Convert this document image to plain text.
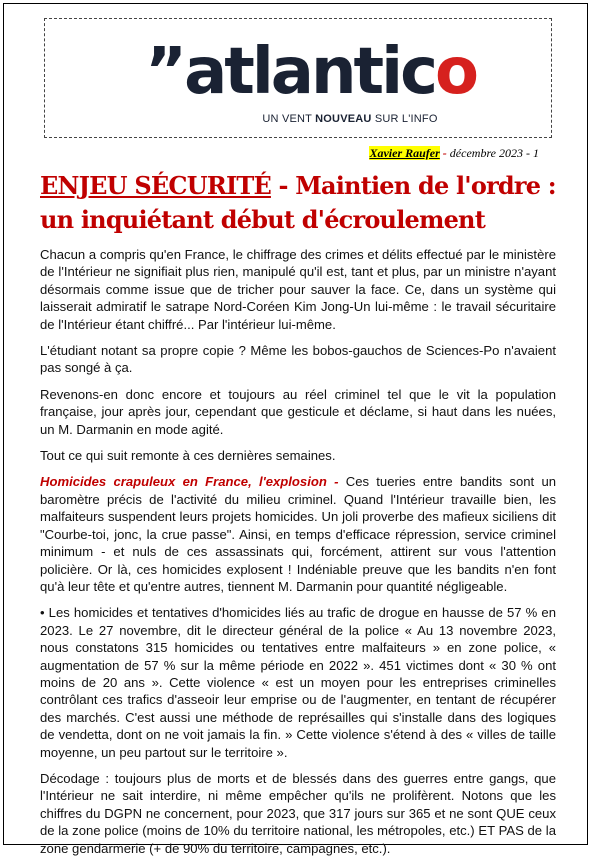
”atlantico
UN VENT NOUVEAU SUR L'INFO
Xavier Raufer - décembre 2023 - 1
ENJEU SÉCURITÉ - Maintien de l'ordre : un inquiétant début d'écroulement

Chacun a compris qu'en France, le chiffrage des crimes et délits effectué par le ministère de l'Intérieur ne signifiait plus rien, manipulé qu'il est, tant et plus, par un ministre n'ayant désormais comme issue que de tricher pour sauver la face. Ce, dans un système qui laisserait admiratif le satrape Nord-Coréen Kim Jong-Un lui-même : le travail sécuritaire de l'Intérieur étant chiffré... Par l'intérieur lui-même.

L'étudiant notant sa propre copie ? Même les bobos-gauchos de Sciences-Po n'avaient pas songé à ça.

Revenons-en donc encore et toujours au réel criminel tel que le vit la population française, jour après jour, cependant que gesticule et déclame, si haut dans les nuées, un M. Darmanin en mode agité.

Tout ce qui suit remonte à ces dernières semaines.

Homicides crapuleux en France, l'explosion - Ces tueries entre bandits sont un baromètre précis de l'activité du milieu criminel. Quand l'Intérieur travaille bien, les malfaiteurs suspendent leurs projets homicides. Un joli proverbe des mafieux siciliens dit "Courbe-toi, jonc, la crue passe". Ainsi, en temps d'efficace répression, service criminel minimum - et nuls de ces assassinats qui, forcément, attirent sur vous l'attention policière. Or là, ces homicides explosent ! Indéniable preuve que les bandits n'en font qu'à leur tête et qu'entre autres, tiennent M. Darmanin pour quantité négligeable.

• Les homicides et tentatives d'homicides liés au trafic de drogue en hausse de 57 % en 2023. Le 27 novembre, dit le directeur général de la police « Au 13 novembre 2023, nous constatons 315 homicides ou tentatives entre malfaiteurs » en zone police, « augmentation de 57 % sur la même période en 2022 ». 451 victimes dont « 30 % ont moins de 20 ans ». Cette violence « est un moyen pour les entreprises criminelles contrôlant ces trafics d'asseoir leur emprise ou de l'augmenter, en tentant de récupérer des marchés. C'est aussi une méthode de représailles qui s'installe dans des logiques de vendetta, dont on ne voit jamais la fin. » Cette violence s'étend à des « villes de taille moyenne, un peu partout sur le territoire ».

Décodage : toujours plus de morts et de blessés dans des guerres entre gangs, que l'Intérieur ne sait interdire, ni même empêcher qu'ils ne prolifèrent. Notons que les chiffres du DGPN ne concernent, pour 2023, que 317 jours sur 365 et ne sont QUE ceux de la zone police (moins de 10% du territoire national, les métropoles, etc.) ET PAS de la zone gendarmerie (+ de 90% du territoire, campagnes, etc.).
